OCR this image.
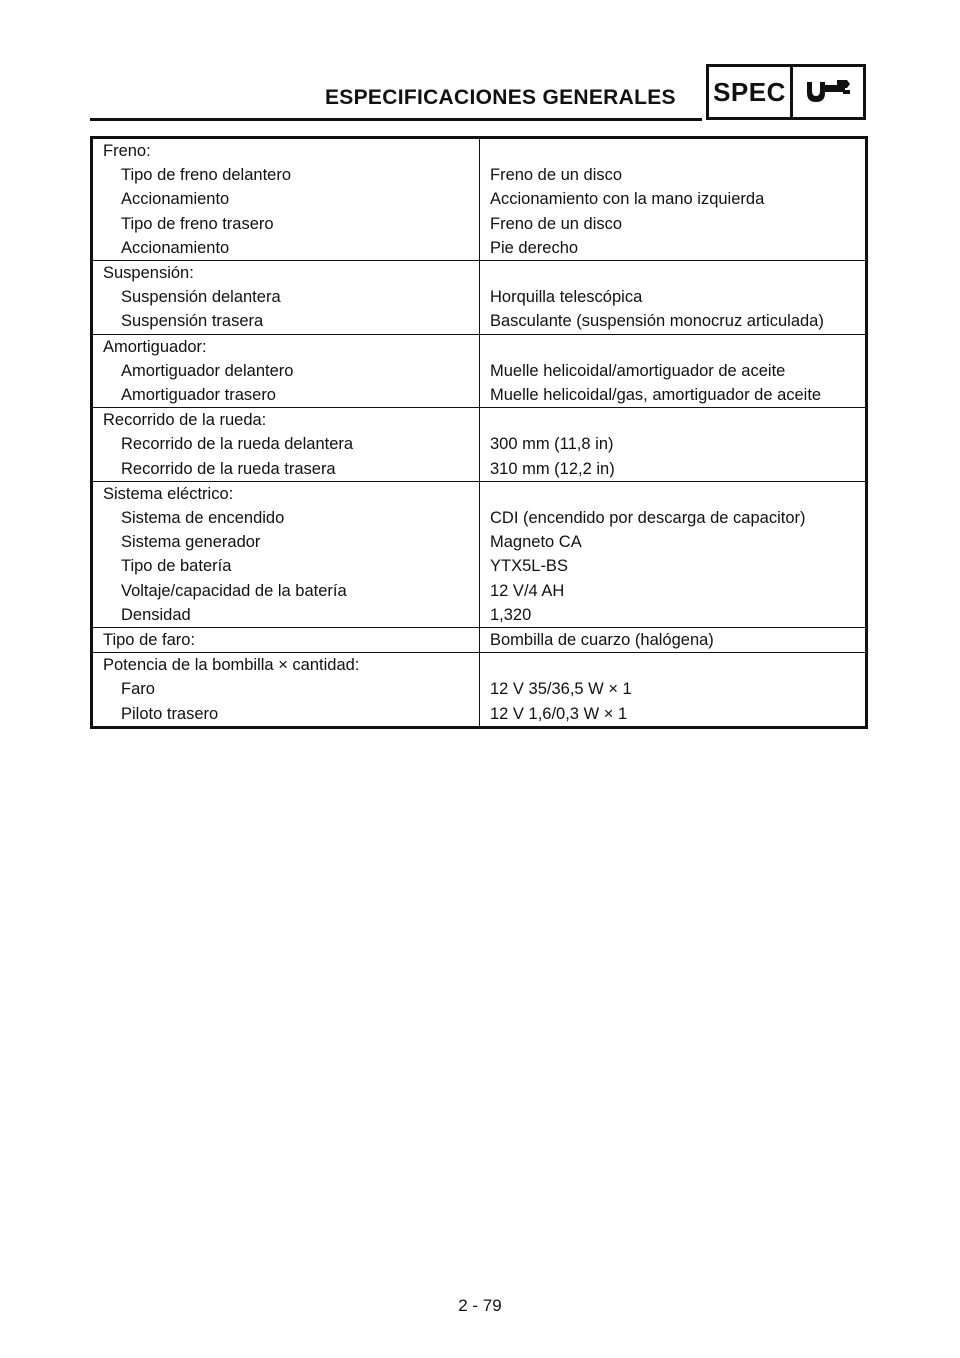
ESPECIFICACIONES GENERALES SPEC
Freno:	
Tipo de freno delantero	Freno de un disco
Accionamiento	Accionamiento con la mano izquierda
Tipo de freno trasero	Freno de un disco
Accionamiento	Pie derecho
Suspensión:	
Suspensión delantera	Horquilla telescópica
Suspensión trasera	Basculante (suspensión monocruz articulada)
Amortiguador:	
Amortiguador delantero	Muelle helicoidal/amortiguador de aceite
Amortiguador trasero	Muelle helicoidal/gas, amortiguador de aceite
Recorrido de la rueda:	
Recorrido de la rueda delantera	300 mm (11,8 in)
Recorrido de la rueda trasera	310 mm (12,2 in)
Sistema eléctrico:	
Sistema de encendido	CDI (encendido por descarga de capacitor)
Sistema generador	Magneto CA
Tipo de batería	YTX5L-BS
Voltaje/capacidad de la batería	12 V/4 AH
Densidad	1,320
Tipo de faro:	Bombilla de cuarzo (halógena)
Potencia de la bombilla × cantidad:	
Faro	12 V 35/36,5 W × 1
Piloto trasero	12 V 1,6/0,3 W × 1
2 - 79
